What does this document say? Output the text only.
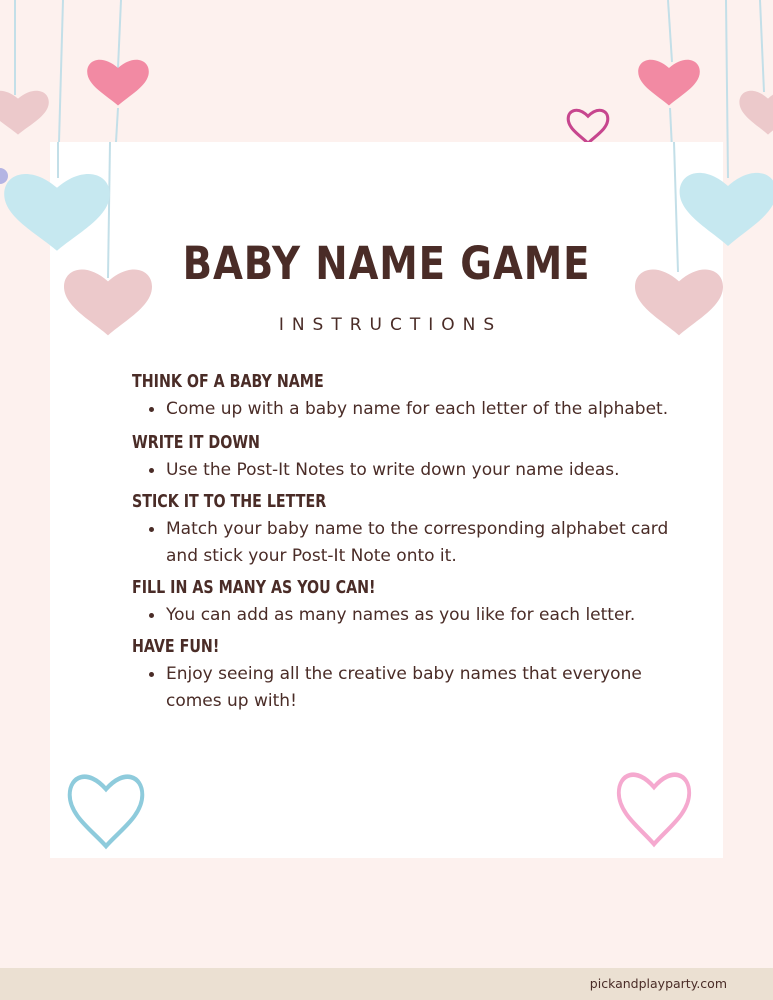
BABY NAME GAME

INSTRUCTIONS

THINK OF A BABY NAME

Come up with a baby name for each letter of the alphabet.

WRITE IT DOWN

Use the Post-It Notes to write down your name ideas.

STICK IT TO THE LETTER

Match your baby name to the corresponding alphabet card and stick your Post-It Note onto it.

FILL IN AS MANY AS YOU CAN!

You can add as many names as you like for each letter.

HAVE FUN!

Enjoy seeing all the creative baby names that everyone comes up with!
pickandplayparty.com
